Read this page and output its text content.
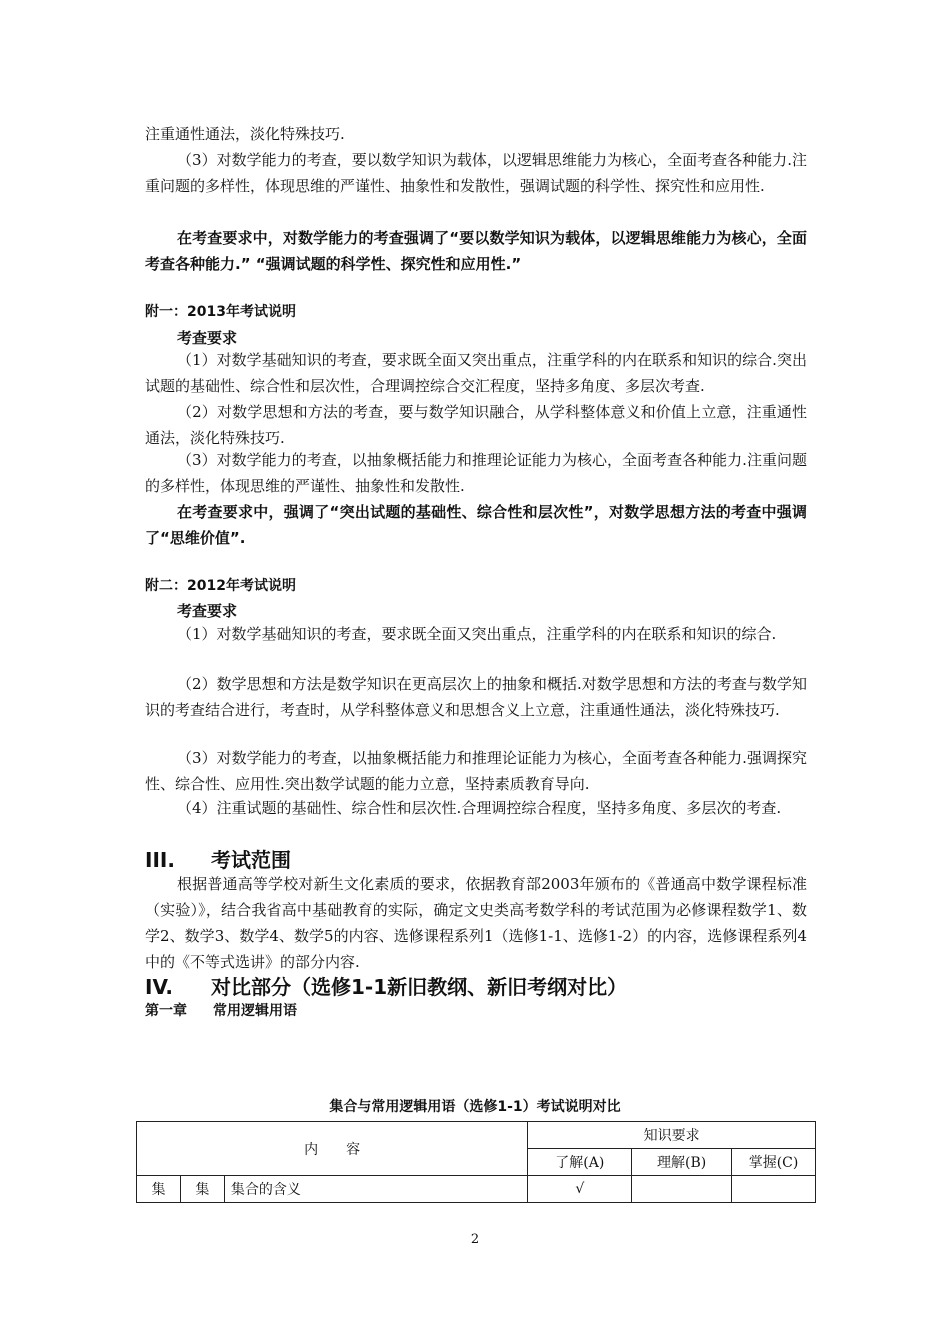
注重通性通法，淡化特殊技巧.

（3）对数学能力的考查，要以数学知识为载体，以逻辑思维能力为核心，全面考查各种能力.注重问题的多样性，体现思维的严谨性、抽象性和发散性，强调试题的科学性、探究性和应用性.

在考查要求中，对数学能力的考查强调了“要以数学知识为载体，以逻辑思维能力为核心，全面考查各种能力.” “强调试题的科学性、探究性和应用性.”

附一：2013年考试说明

考查要求

（1）对数学基础知识的考查，要求既全面又突出重点，注重学科的内在联系和知识的综合.突出试题的基础性、综合性和层次性，合理调控综合交汇程度，坚持多角度、多层次考查.

（2）对数学思想和方法的考查，要与数学知识融合，从学科整体意义和价值上立意，注重通性通法，淡化特殊技巧.

（3）对数学能力的考查，以抽象概括能力和推理论证能力为核心，全面考查各种能力.注重问题的多样性，体现思维的严谨性、抽象性和发散性.

在考查要求中，强调了“突出试题的基础性、综合性和层次性”，对数学思想方法的考查中强调了“思维价值”.

附二：2012年考试说明

考查要求

（1）对数学基础知识的考查，要求既全面又突出重点，注重学科的内在联系和知识的综合.

（2）数学思想和方法是数学知识在更高层次上的抽象和概括.对数学思想和方法的考查与数学知识的考查结合进行，考查时，从学科整体意义和思想含义上立意，注重通性通法，淡化特殊技巧.

（3）对数学能力的考查，以抽象概括能力和推理论证能力为核心，全面考查各种能力.强调探究性、综合性、应用性.突出数学试题的能力立意，坚持素质教育导向.

（4）注重试题的基础性、综合性和层次性.合理调控综合程度，坚持多角度、多层次的考查.

III. 考试范围

根据普通高等学校对新生文化素质的要求，依据教育部2003年颁布的《普通高中数学课程标准（实验）》，结合我省高中基础教育的实际，确定文史类高考数学科的考试范围为必修课程数学1、数学2、数学3、数学4、数学5的内容、选修课程系列1（选修1-1、选修1-2）的内容，选修课程系列4中的《不等式选讲》的部分内容.

IV. 对比部分（选修1-1新旧教纲、新旧考纲对比）

第一章 常用逻辑用语

集合与常用逻辑用语（选修1-1）考试说明对比

内　　容			知识要求		
			了解(A)	理解(B)	掌握(C)
集	集	集合的含义	√		

2
